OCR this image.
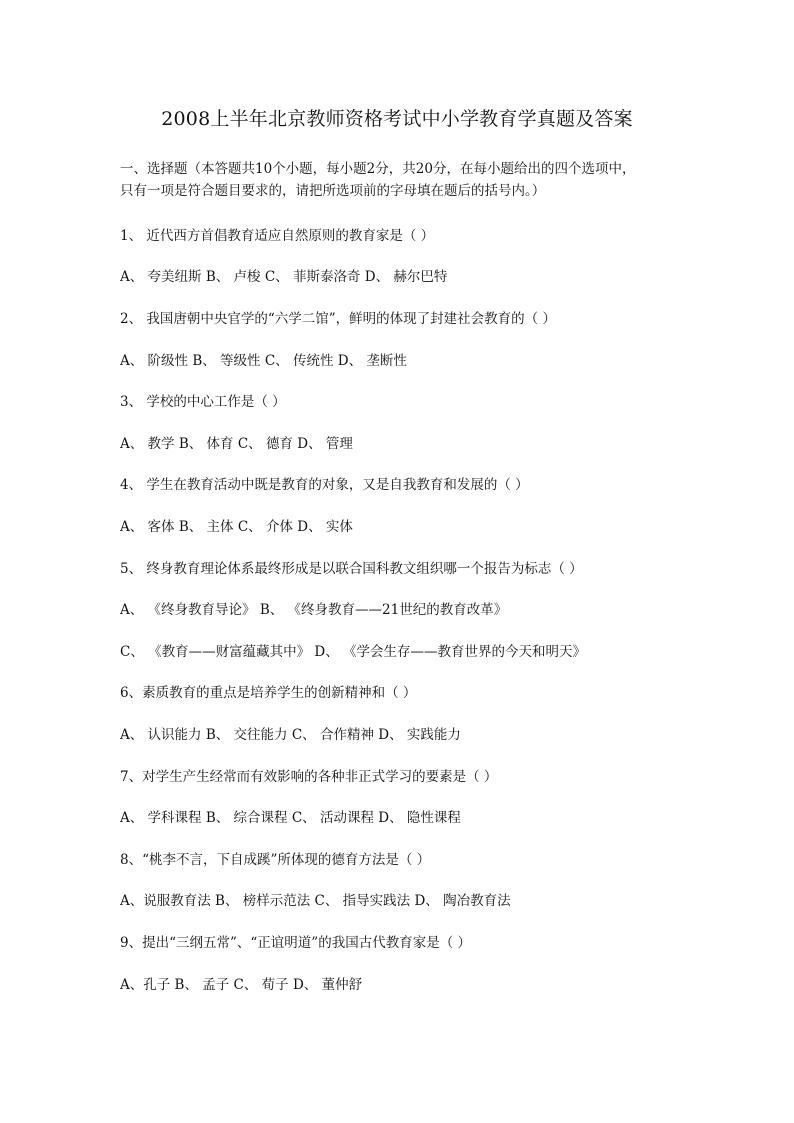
2008上半年北京教师资格考试中小学教育学真题及答案
一、选择题（本答题共10个小题，每小题2分，共20分，在每小题给出的四个选项中，
只有一项是符合题目要求的，请把所选项前的字母填在题后的括号内。）
1、 近代西方首倡教育适应自然原则的教育家是（ ）
A、 夸美纽斯 B、 卢梭 C、 菲斯泰洛奇 D、 赫尔巴特
2、 我国唐朝中央官学的“六学二馆”，鲜明的体现了封建社会教育的（ ）
A、 阶级性 B、 等级性 C、 传统性 D、 垄断性
3、 学校的中心工作是（ ）
A、 教学 B、 体育 C、 德育 D、 管理
4、 学生在教育活动中既是教育的对象，又是自我教育和发展的（ ）
A、 客体 B、 主体 C、 介体 D、 实体
5、 终身教育理论体系最终形成是以联合国科教文组织哪一个报告为标志（ ）
A、 《终身教育导论》 B、 《终身教育——21世纪的教育改革》
C、 《教育——财富蕴藏其中》 D、 《学会生存——教育世界的今天和明天》
6、素质教育的重点是培养学生的创新精神和（ ）
A、 认识能力 B、 交往能力 C、 合作精神 D、 实践能力
7、对学生产生经常而有效影响的各种非正式学习的要素是（ ）
A、 学科课程 B、 综合课程 C、 活动课程 D、 隐性课程
8、“桃李不言，下自成蹊”所体现的德育方法是（ ）
A、说服教育法 B、 榜样示范法 C、 指导实践法 D、 陶冶教育法
9、提出“三纲五常”、“正谊明道”的我国古代教育家是（ ）
A、孔子 B、 孟子 C、 荀子 D、 董仲舒
